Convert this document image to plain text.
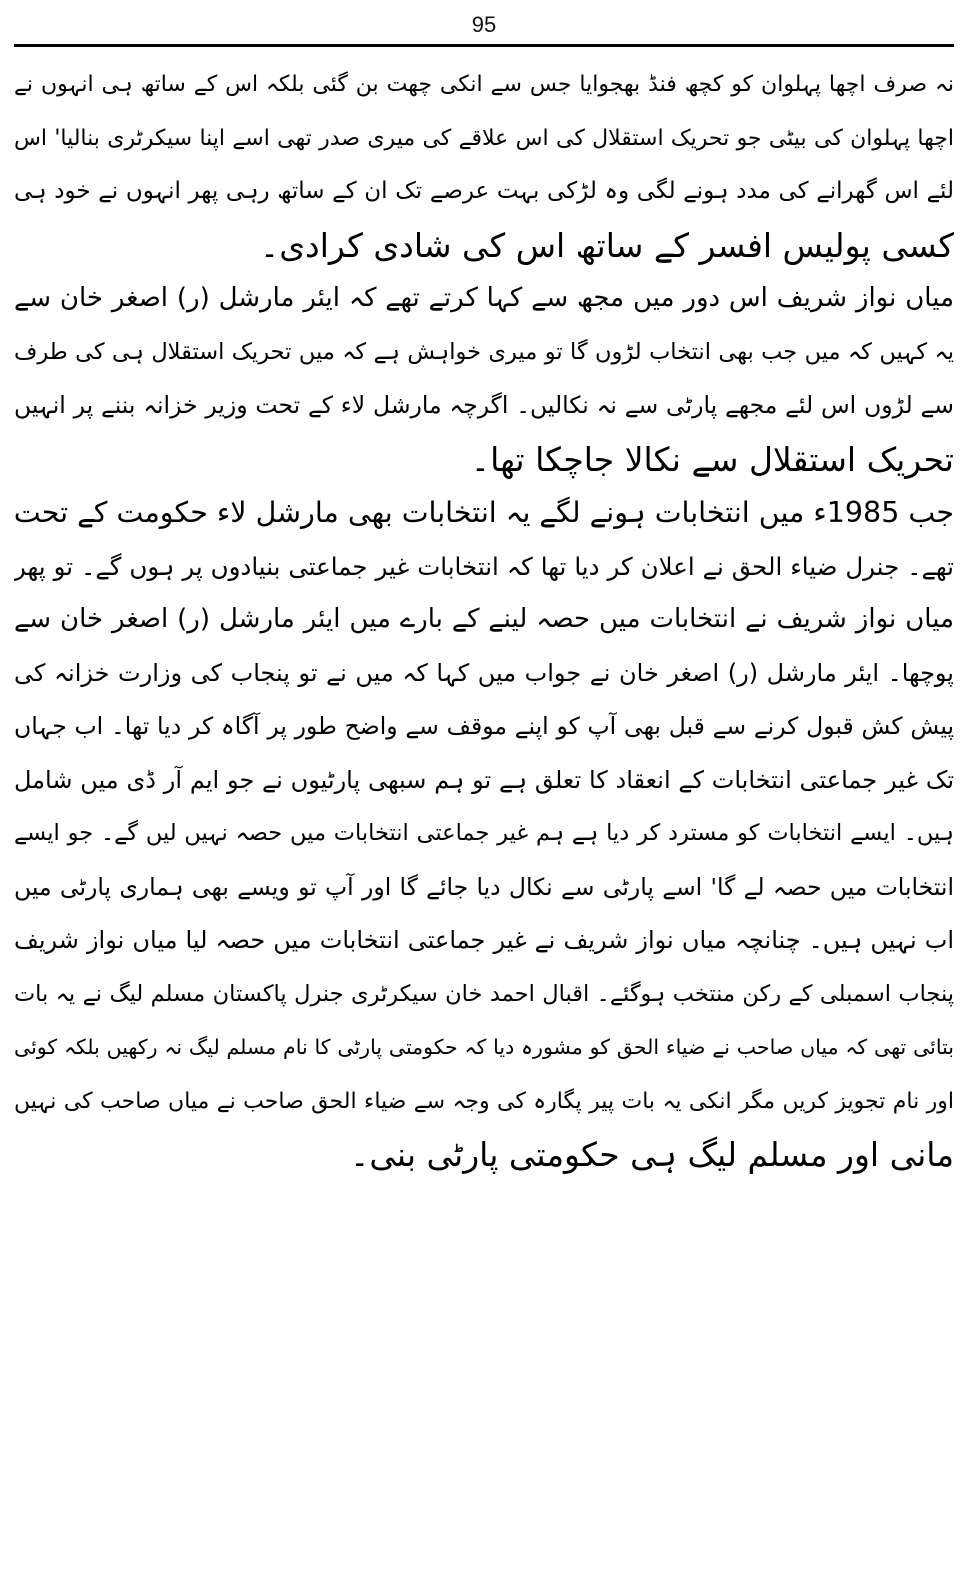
95
نہ صرف اچھا پہلوان کو کچھ فنڈ بھجوایا جس سے انکی چھت بن گئی بلکہ اس کے ساتھ ہی انہوں نے
اچھا پہلوان کی بیٹی جو تحریک استقلال کی اس علاقے کی میری صدر تھی اسے اپنا سیکرٹری بنالیا' اس
لئے اس گھرانے کی مدد ہونے لگی وہ لڑکی بہت عرصے تک ان کے ساتھ رہی پھر انہوں نے خود ہی
کسی پولیس افسر کے ساتھ اس کی شادی کرادی۔
میاں نواز شریف اس دور میں مجھ سے کہا کرتے تھے کہ ایئر مارشل (ر) اصغر خان سے
یہ کہیں کہ میں جب بھی انتخاب لڑوں گا تو میری خواہش ہے کہ میں تحریک استقلال ہی کی طرف
سے لڑوں اس لئے مجھے پارٹی سے نہ نکالیں۔ اگرچہ مارشل لاء کے تحت وزیر خزانہ بننے پر انہیں
تحریک استقلال سے نکالا جاچکا تھا۔
جب 1985ء میں انتخابات ہونے لگے یہ انتخابات بھی مارشل لاء حکومت کے تحت
تھے۔ جنرل ضیاء الحق نے اعلان کر دیا تھا کہ انتخابات غیر جماعتی بنیادوں پر ہوں گے۔ تو پھر
میاں نواز شریف نے انتخابات میں حصہ لینے کے بارے میں ایئر مارشل (ر) اصغر خان سے
پوچھا۔ ایئر مارشل (ر) اصغر خان نے جواب میں کہا کہ میں نے تو پنجاب کی وزارت خزانہ کی
پیش کش قبول کرنے سے قبل بھی آپ کو اپنے موقف سے واضح طور پر آگاہ کر دیا تھا۔ اب جہاں
تک غیر جماعتی انتخابات کے انعقاد کا تعلق ہے تو ہم سبھی پارٹیوں نے جو ایم آر ڈی میں شامل
ہیں۔ ایسے انتخابات کو مسترد کر دیا ہے ہم غیر جماعتی انتخابات میں حصہ نہیں لیں گے۔ جو ایسے
انتخابات میں حصہ لے گا' اسے پارٹی سے نکال دیا جائے گا اور آپ تو ویسے بھی ہماری پارٹی میں
اب نہیں ہیں۔ چنانچہ میاں نواز شریف نے غیر جماعتی انتخابات میں حصہ لیا میاں نواز شریف
پنجاب اسمبلی کے رکن منتخب ہوگئے۔ اقبال احمد خان سیکرٹری جنرل پاکستان مسلم لیگ نے یہ بات
بتائی تھی کہ میاں صاحب نے ضیاء الحق کو مشورہ دیا کہ حکومتی پارٹی کا نام مسلم لیگ نہ رکھیں بلکہ کوئی
اور نام تجویز کریں مگر انکی یہ بات پیر پگارہ کی وجہ سے ضیاء الحق صاحب نے میاں صاحب کی نہیں
مانی اور مسلم لیگ ہی حکومتی پارٹی بنی۔
